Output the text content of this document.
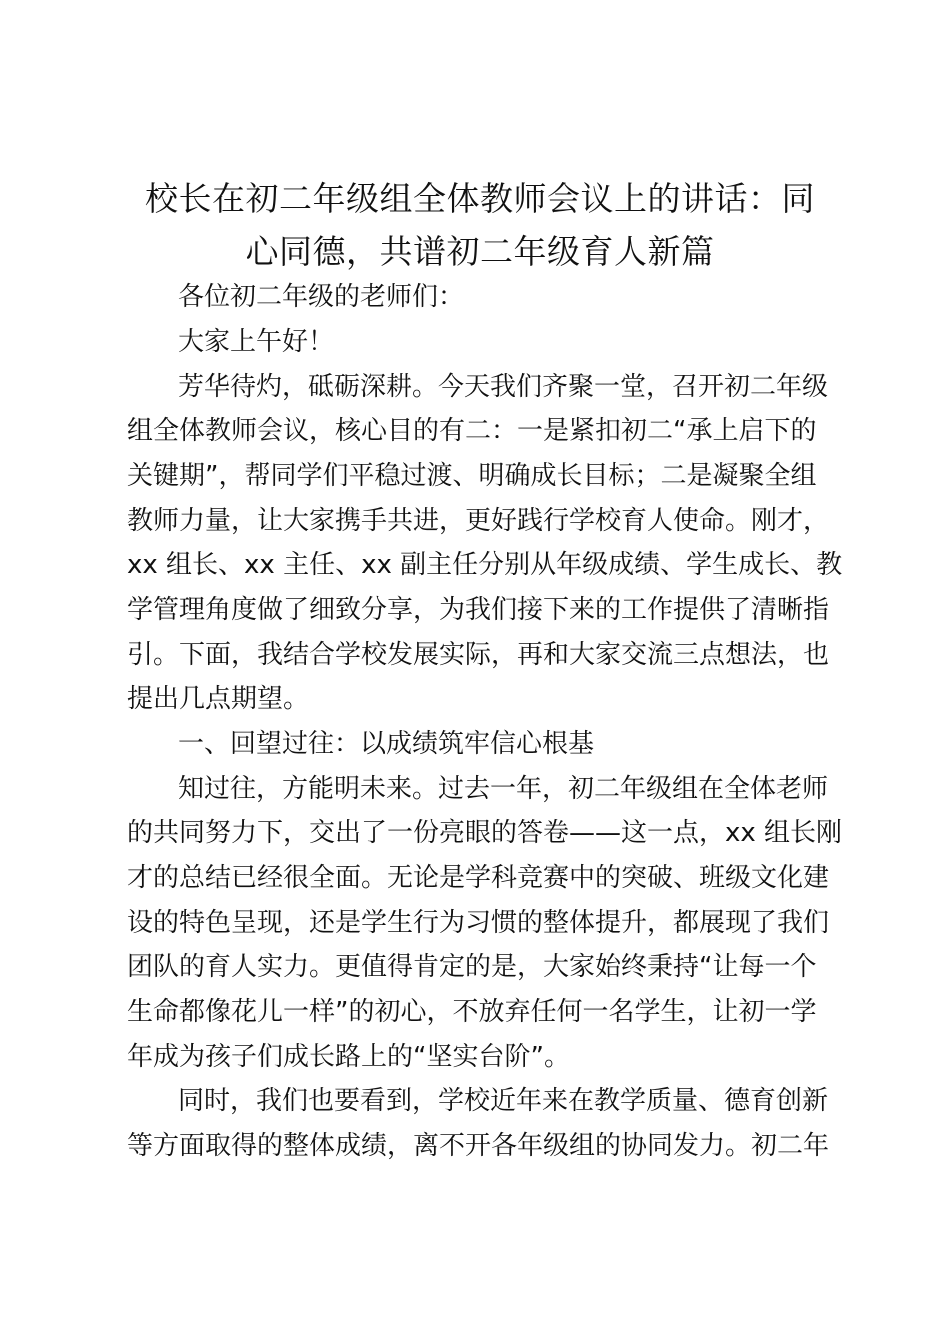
校长在初二年级组全体教师会议上的讲话：同
心同德，共谱初二年级育人新篇
各位初二年级的老师们：
大家上午好！
芳华待灼，砥砺深耕。今天我们齐聚一堂，召开初二年级
组全体教师会议，核心目的有二：一是紧扣初二“承上启下的
关键期”，帮同学们平稳过渡、明确成长目标；二是凝聚全组
教师力量，让大家携手共进，更好践行学校育人使命。刚才，
xx 组长、xx 主任、xx 副主任分别从年级成绩、学生成长、教
学管理角度做了细致分享，为我们接下来的工作提供了清晰指
引。下面，我结合学校发展实际，再和大家交流三点想法，也
提出几点期望。
一、回望过往：以成绩筑牢信心根基
知过往，方能明未来。过去一年，初二年级组在全体老师
的共同努力下，交出了一份亮眼的答卷——这一点，xx 组长刚
才的总结已经很全面。无论是学科竞赛中的突破、班级文化建
设的特色呈现，还是学生行为习惯的整体提升，都展现了我们
团队的育人实力。更值得肯定的是，大家始终秉持“让每一个
生命都像花儿一样”的初心，不放弃任何一名学生，让初一学
年成为孩子们成长路上的“坚实台阶”。
同时，我们也要看到，学校近年来在教学质量、德育创新
等方面取得的整体成绩，离不开各年级组的协同发力。初二年
